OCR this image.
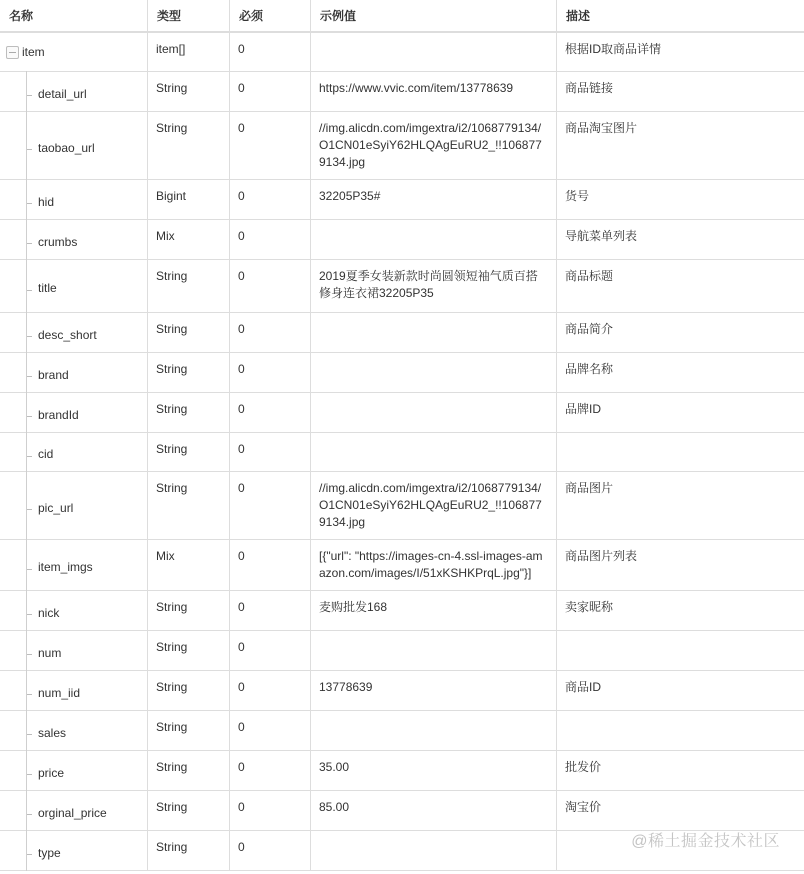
名称	类型	必须	示例值	描述

item	item[]	0		根据ID取商品详情

detail_url	String	0	https://www.vvic.com/item/13778639	商品链接

taobao_url	String	0	//img.alicdn.com/imgextra/i2/1068779134/O1CN01eSyiY62HLQAgEuRU2_!!1068779134.jpg	商品淘宝图片

hid	Bigint	0	32205P35#	货号

crumbs	Mix	0		导航菜单列表

title	String	0	2019夏季女装新款时尚圆领短袖气质百搭修身连衣裙32205P35	商品标题

desc_short	String	0		商品简介

brand	String	0		品牌名称

brandId	String	0		品牌ID

cid	String	0		

pic_url	String	0	//img.alicdn.com/imgextra/i2/1068779134/O1CN01eSyiY62HLQAgEuRU2_!!1068779134.jpg	商品图片

item_imgs	Mix	0	[{"url": "https://images-cn-4.ssl-images-amazon.com/images/I/51xKSHKPrqL.jpg"}]	商品图片列表

nick	String	0	麦购批发168	卖家昵称

num	String	0		

num_iid	String	0	13778639	商品ID

sales	String	0		

price	String	0	35.00	批发价

orginal_price	String	0	85.00	淘宝价

type	String	0		

		@稀土掘金技术社区
